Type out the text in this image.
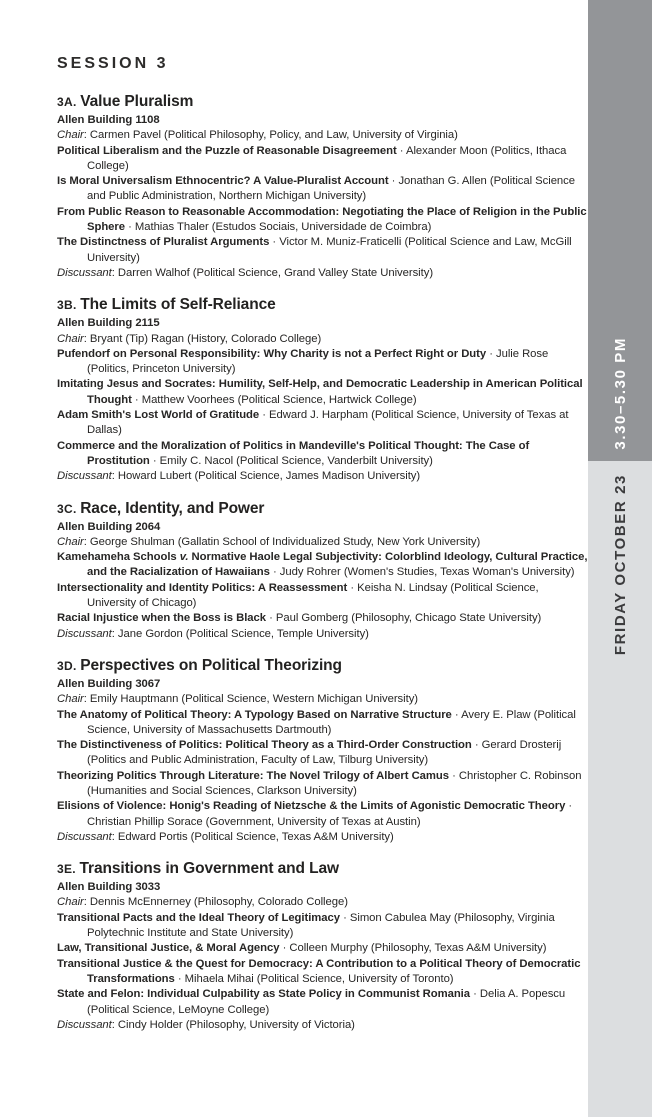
SESSION 3
3A. Value Pluralism

Allen Building 1108

Chair: Carmen Pavel (Political Philosophy, Policy, and Law, University of Virginia)

Political Liberalism and the Puzzle of Reasonable Disagreement · Alexander Moon (Politics, Ithaca College)

Is Moral Universalism Ethnocentric? A Value-Pluralist Account · Jonathan G. Allen (Political Science and Public Administration, Northern Michigan University)

From Public Reason to Reasonable Accommodation: Negotiating the Place of Religion in the Public Sphere · Mathias Thaler (Estudos Sociais, Universidade de Coimbra)

The Distinctness of Pluralist Arguments · Victor M. Muniz-Fraticelli (Political Science and Law, McGill University)

Discussant: Darren Walhof (Political Science, Grand Valley State University)

3B. The Limits of Self-Reliance

Allen Building 2115

Chair: Bryant (Tip) Ragan (History, Colorado College)

Pufendorf on Personal Responsibility: Why Charity is not a Perfect Right or Duty · Julie Rose (Politics, Princeton University)

Imitating Jesus and Socrates: Humility, Self-Help, and Democratic Leadership in American Political Thought · Matthew Voorhees (Political Science, Hartwick College)

Adam Smith's Lost World of Gratitude · Edward J. Harpham (Political Science, University of Texas at Dallas)

Commerce and the Moralization of Politics in Mandeville's Political Thought: The Case of Prostitution · Emily C. Nacol (Political Science, Vanderbilt University)

Discussant: Howard Lubert (Political Science, James Madison University)

3C. Race, Identity, and Power

Allen Building 2064

Chair: George Shulman (Gallatin School of Individualized Study, New York University)

Kamehameha Schools v. Normative Haole Legal Subjectivity: Colorblind Ideology, Cultural Practice, and the Racialization of Hawaiians · Judy Rohrer (Women's Studies, Texas Woman's University)

Intersectionality and Identity Politics: A Reassessment · Keisha N. Lindsay (Political Science, University of Chicago)

Racial Injustice when the Boss is Black · Paul Gomberg (Philosophy, Chicago State University)

Discussant: Jane Gordon (Political Science, Temple University)

3D. Perspectives on Political Theorizing

Allen Building 3067

Chair: Emily Hauptmann (Political Science, Western Michigan University)

The Anatomy of Political Theory: A Typology Based on Narrative Structure · Avery E. Plaw (Political Science, University of Massachusetts Dartmouth)

The Distinctiveness of Politics: Political Theory as a Third-Order Construction · Gerard Drosterij (Politics and Public Administration, Faculty of Law, Tilburg University)

Theorizing Politics Through Literature: The Novel Trilogy of Albert Camus · Christopher C. Robinson (Humanities and Social Sciences, Clarkson University)

Elisions of Violence: Honig's Reading of Nietzsche & the Limits of Agonistic Democratic Theory · Christian Phillip Sorace (Government, University of Texas at Austin)

Discussant: Edward Portis (Political Science, Texas A&M University)

3E. Transitions in Government and Law

Allen Building 3033

Chair: Dennis McEnnerney (Philosophy, Colorado College)

Transitional Pacts and the Ideal Theory of Legitimacy · Simon Cabulea May (Philosophy, Virginia Polytechnic Institute and State University)

Law, Transitional Justice, & Moral Agency · Colleen Murphy (Philosophy, Texas A&M University)

Transitional Justice & the Quest for Democracy: A Contribution to a Political Theory of Democratic Transformations · Mihaela Mihai (Political Science, University of Toronto)

State and Felon: Individual Culpability as State Policy in Communist Romania · Delia A. Popescu (Political Science, LeMoyne College)

Discussant: Cindy Holder (Philosophy, University of Victoria)

3.30–5.30 PM
FRIDAY OCTOBER 23
